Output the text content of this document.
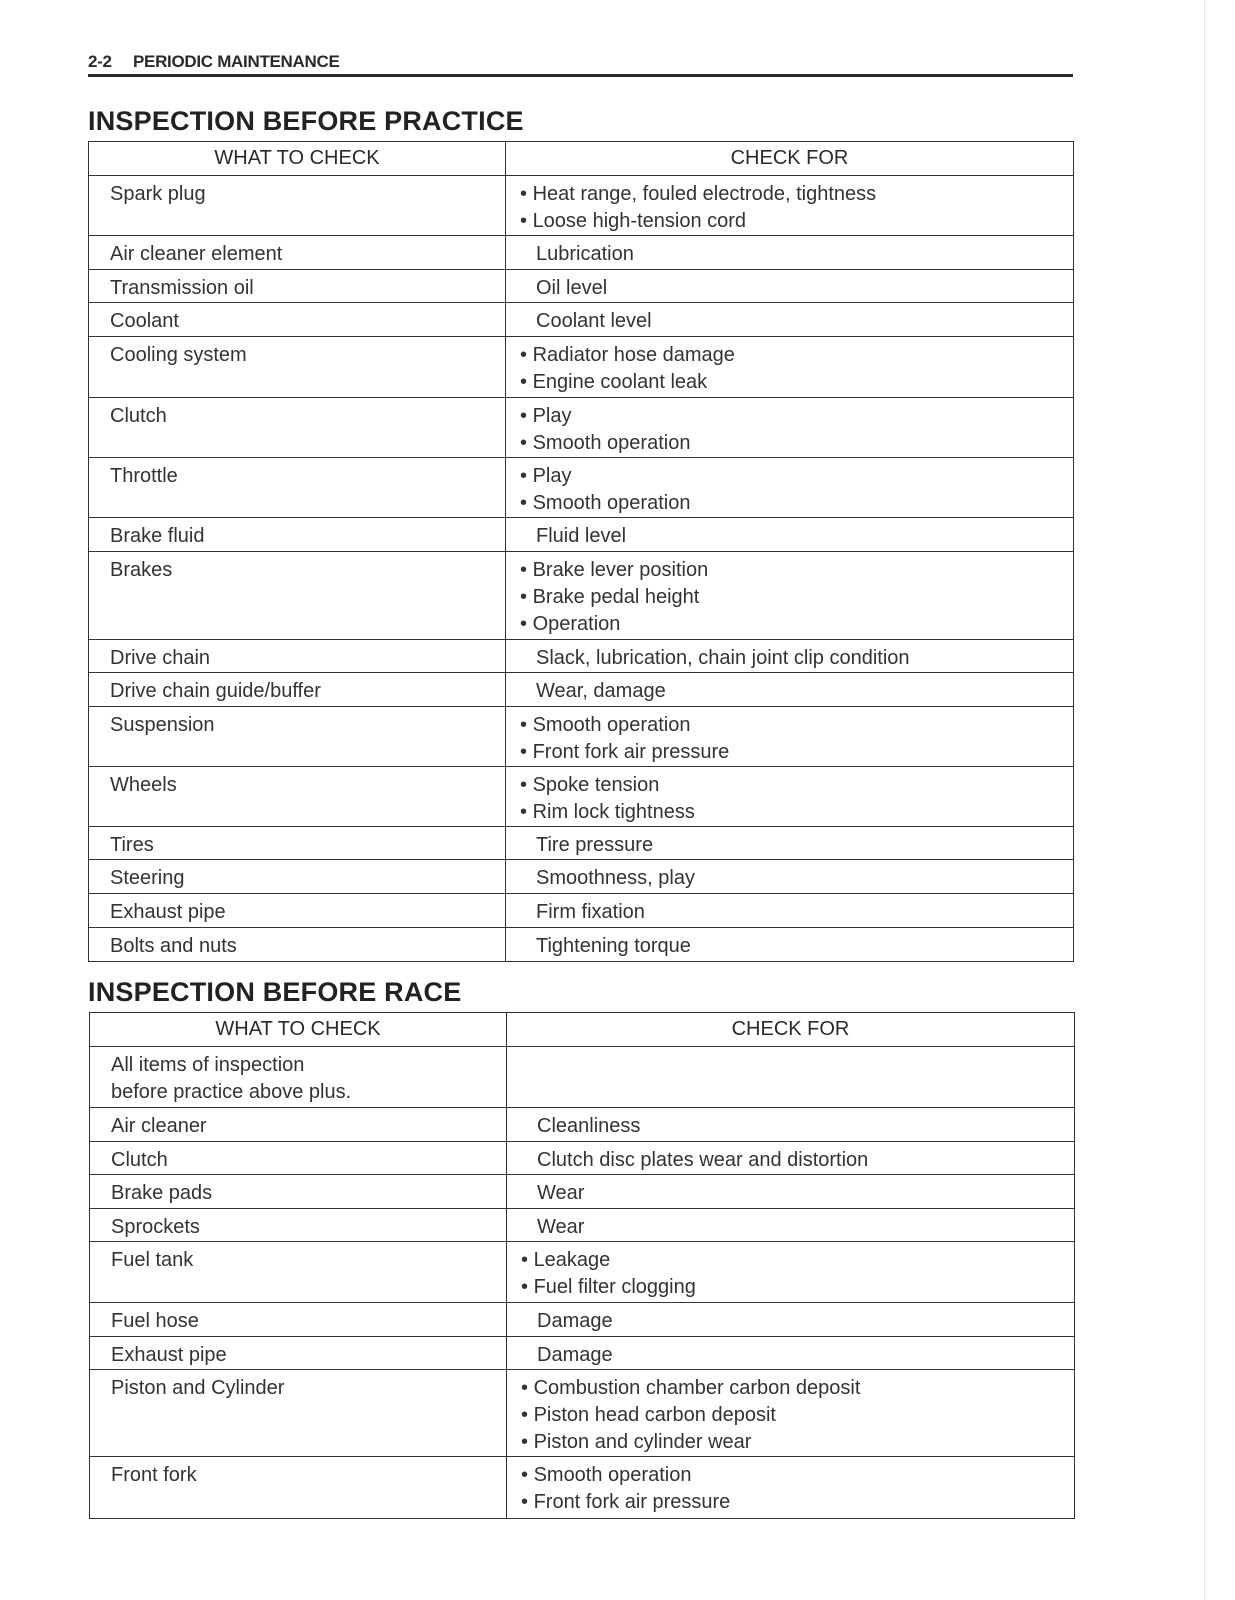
2-2 PERIODIC MAINTENANCE
INSPECTION BEFORE PRACTICE
WHAT TO CHECK	CHECK FOR
Spark plug	• Heat range, fouled electrode, tightness
• Loose high-tension cord

Air cleaner element	Lubrication
Transmission oil	Oil level
Coolant	Coolant level
Cooling system	• Radiator hose damage
• Engine coolant leak

Clutch	• Play
• Smooth operation

Throttle	• Play
• Smooth operation

Brake fluid	Fluid level
Brakes	• Brake lever position
• Brake pedal height
• Operation

Drive chain	Slack, lubrication, chain joint clip condition
Drive chain guide/buffer	Wear, damage
Suspension	• Smooth operation
• Front fork air pressure

Wheels	• Spoke tension
• Rim lock tightness

Tires	Tire pressure
Steering	Smoothness, play
Exhaust pipe	Firm fixation
Bolts and nuts	Tightening torque
INSPECTION BEFORE RACE
WHAT TO CHECK	CHECK FOR
All items of inspection
before practice above plus.	
Air cleaner	Cleanliness
Clutch	Clutch disc plates wear and distortion
Brake pads	Wear
Sprockets	Wear
Fuel tank	• Leakage
• Fuel filter clogging

Fuel hose	Damage
Exhaust pipe	Damage
Piston and Cylinder	• Combustion chamber carbon deposit
• Piston head carbon deposit
• Piston and cylinder wear

Front fork	• Smooth operation
• Front fork air pressure
